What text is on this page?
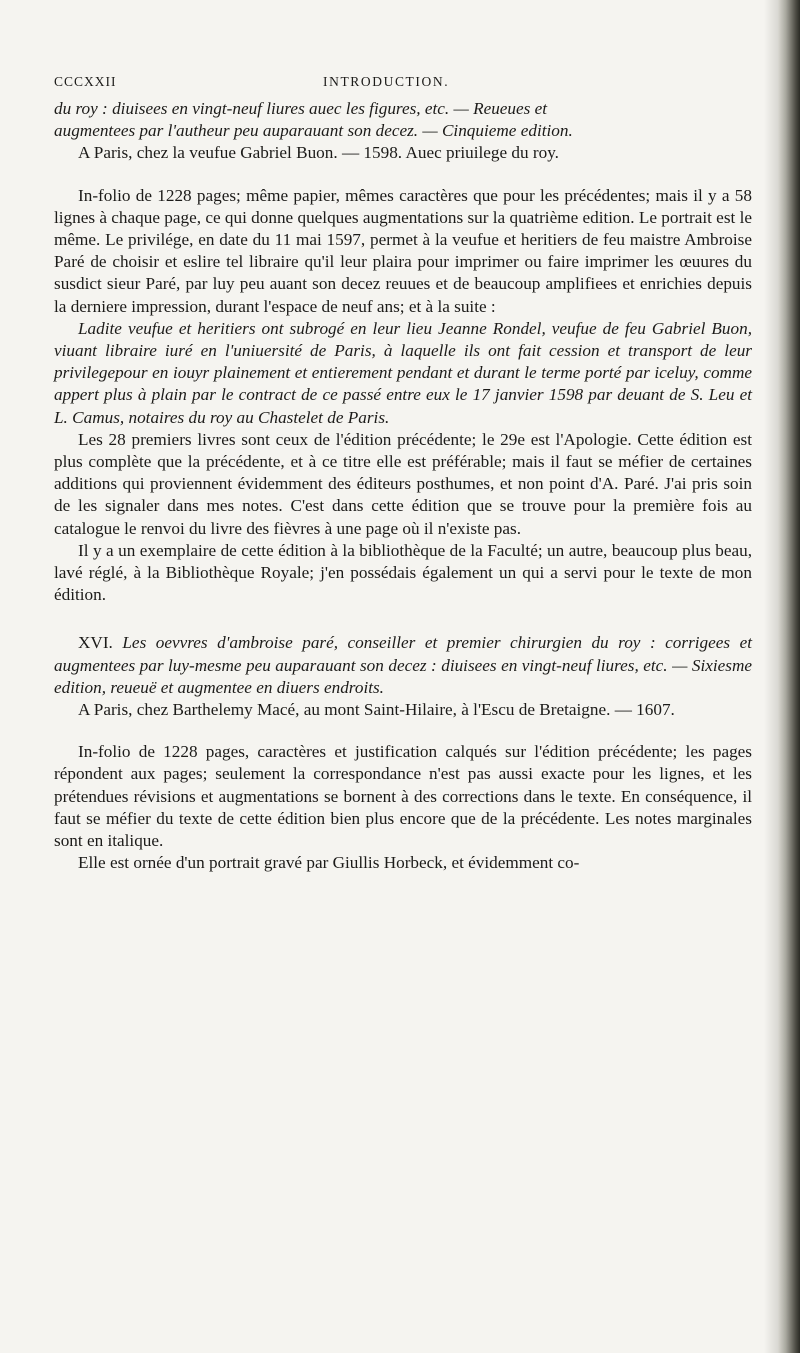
CCCXXII	INTRODUCTION.

du roy : diuisees en vingt-neuf liures auec les figures, etc. — Reueues et

augmentees par l'autheur peu auparauant son decez. — Cinquieme edition.

A Paris, chez la veufue Gabriel Buon. — 1598. Auec priuilege du roy.

In-folio de 1228 pages; même papier, mêmes caractères que pour les précédentes; mais il y a 58 lignes à chaque page, ce qui donne quelques augmentations sur la quatrième edition. Le portrait est le même. Le privilége, en date du 11 mai 1597, permet à la veufue et heritiers de feu maistre Ambroise Paré de choisir et eslire tel libraire qu'il leur plaira pour imprimer ou faire imprimer les œuures du susdict sieur Paré, par luy peu auant son decez reuues et de beaucoup amplifiees et enrichies depuis la derniere impression, durant l'espace de neuf ans; et à la suite :

Ladite veufue et heritiers ont subrogé en leur lieu Jeanne Rondel, veufue de feu Gabriel Buon, viuant libraire iuré en l'uniuersité de Paris, à laquelle ils ont fait cession et transport de leur privilegepour en iouyr plainement et entierement pendant et durant le terme porté par iceluy, comme appert plus à plain par le contract de ce passé entre eux le 17 janvier 1598 par deuant de S. Leu et L. Camus, notaires du roy au Chastelet de Paris.

Les 28 premiers livres sont ceux de l'édition précédente; le 29e est l'Apologie. Cette édition est plus complète que la précédente, et à ce titre elle est préférable; mais il faut se méfier de certaines additions qui proviennent évidemment des éditeurs posthumes, et non point d'A. Paré. J'ai pris soin de les signaler dans mes notes. C'est dans cette édition que se trouve pour la première fois au catalogue le renvoi du livre des fièvres à une page où il n'existe pas.

Il y a un exemplaire de cette édition à la bibliothèque de la Faculté; un autre, beaucoup plus beau, lavé réglé, à la Bibliothèque Royale; j'en possédais également un qui a servi pour le texte de mon édition.

XVI. Les oevvres d'ambroise paré, conseiller et premier chirurgien du roy : corrigees et augmentees par luy-mesme peu auparauant son decez : diuisees en vingt-neuf liures, etc. — Sixiesme edition, reueuë et augmentee en diuers endroits.

A Paris, chez Barthelemy Macé, au mont Saint-Hilaire, à l'Escu de Bretaigne. — 1607.

In-folio de 1228 pages, caractères et justification calqués sur l'édition précédente; les pages répondent aux pages; seulement la correspondance n'est pas aussi exacte pour les lignes, et les prétendues révisions et augmentations se bornent à des corrections dans le texte. En conséquence, il faut se méfier du texte de cette édition bien plus encore que de la précédente. Les notes marginales sont en italique.

Elle est ornée d'un portrait gravé par Giullis Horbeck, et évidemment co-
